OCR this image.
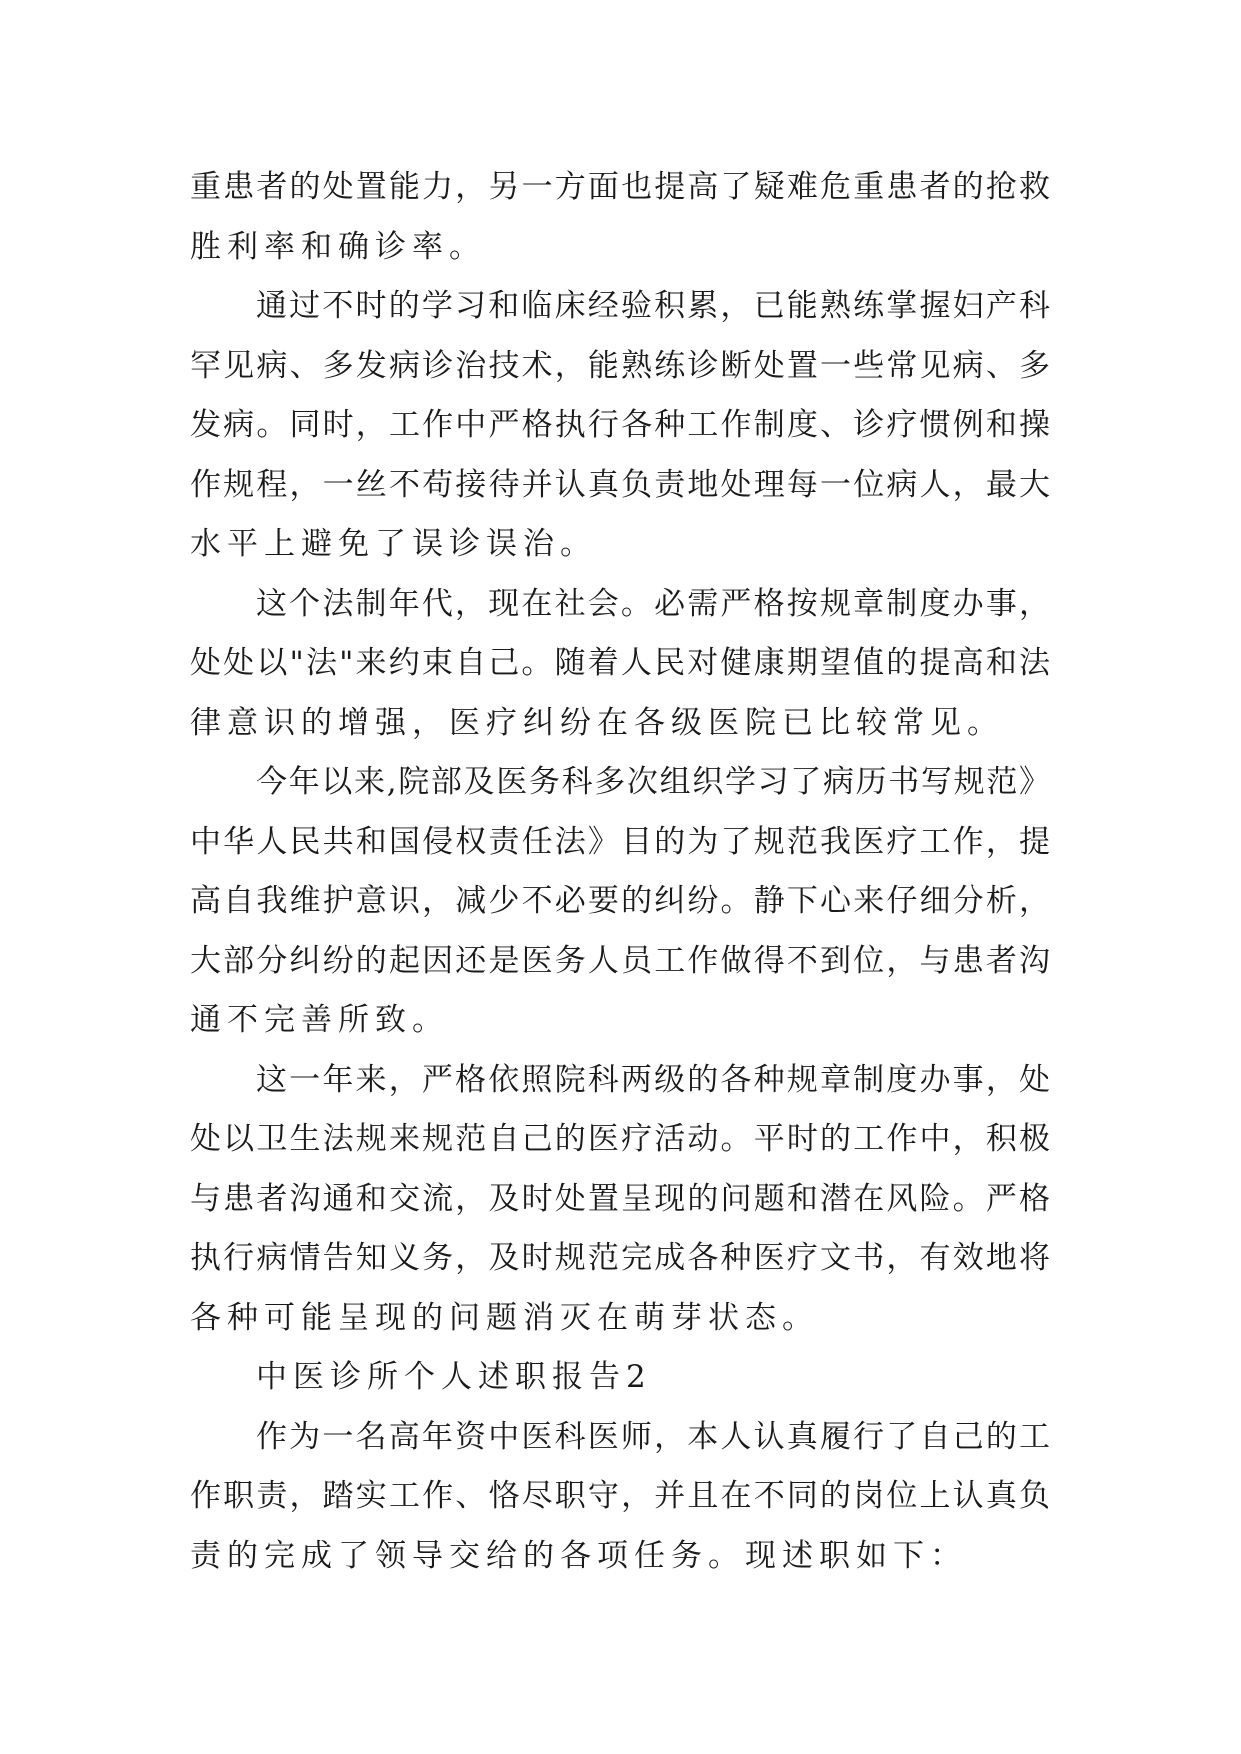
重患者的处置能力，另一方面也提高了疑难危重患者的抢救
胜利率和确诊率。
通过不时的学习和临床经验积累，已能熟练掌握妇产科
罕见病、多发病诊治技术，能熟练诊断处置一些常见病、多
发病。同时，工作中严格执行各种工作制度、诊疗惯例和操
作规程，一丝不苟接待并认真负责地处理每一位病人，最大
水平上避免了误诊误治。
这个法制年代，现在社会。必需严格按规章制度办事，
处处以"法"来约束自己。随着人民对健康期望值的提高和法
律意识的增强，医疗纠纷在各级医院已比较常见。
今年以来,院部及医务科多次组织学习了病历书写规范》
中华人民共和国侵权责任法》目的为了规范我医疗工作，提
高自我维护意识，减少不必要的纠纷。静下心来仔细分析，
大部分纠纷的起因还是医务人员工作做得不到位，与患者沟
通不完善所致。
这一年来，严格依照院科两级的各种规章制度办事，处
处以卫生法规来规范自己的医疗活动。平时的工作中，积极
与患者沟通和交流，及时处置呈现的问题和潜在风险。严格
执行病情告知义务，及时规范完成各种医疗文书，有效地将
各种可能呈现的问题消灭在萌芽状态。
中医诊所个人述职报告2
作为一名高年资中医科医师，本人认真履行了自己的工
作职责，踏实工作、恪尽职守，并且在不同的岗位上认真负
责的完成了领导交给的各项任务。现述职如下：
